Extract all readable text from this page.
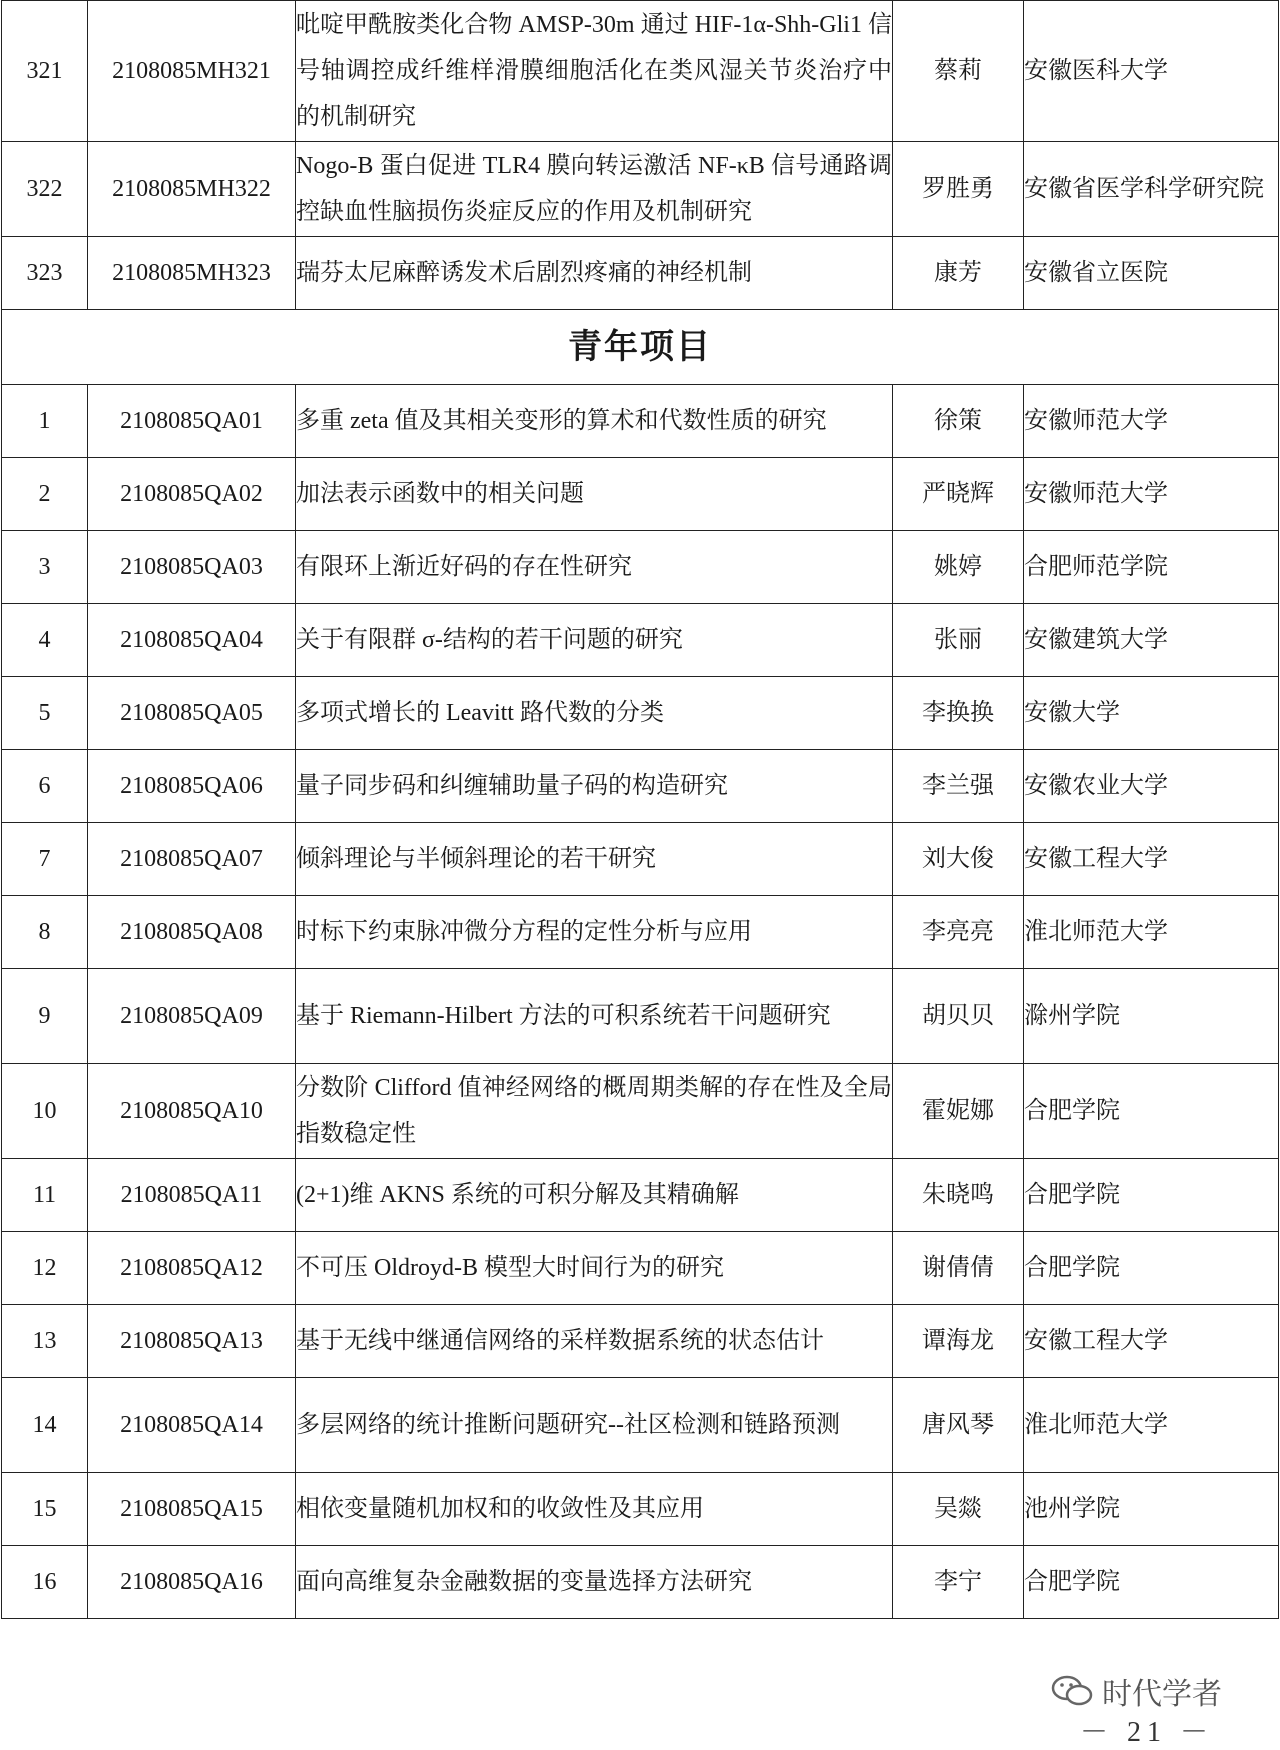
321	2108085MH321	吡啶甲酰胺类化合物 AMSP-30m 通过 HIF-1α-Shh-Gli1 信号轴调控成纤维样滑膜细胞活化在类风湿关节炎治疗中的机制研究	蔡莉	安徽医科大学
322	2108085MH322	Nogo-B 蛋白促进 TLR4 膜向转运激活 NF-κB 信号通路调控缺血性脑损伤炎症反应的作用及机制研究	罗胜勇	安徽省医学科学研究院
323	2108085MH323	瑞芬太尼麻醉诱发术后剧烈疼痛的神经机制	康芳	安徽省立医院
青年项目				
1	2108085QA01	多重 zeta 值及其相关变形的算术和代数性质的研究	徐策	安徽师范大学
2	2108085QA02	加法表示函数中的相关问题	严晓辉	安徽师范大学
3	2108085QA03	有限环上渐近好码的存在性研究	姚婷	合肥师范学院
4	2108085QA04	关于有限群 σ-结构的若干问题的研究	张丽	安徽建筑大学
5	2108085QA05	多项式增长的 Leavitt 路代数的分类	李换换	安徽大学
6	2108085QA06	量子同步码和纠缠辅助量子码的构造研究	李兰强	安徽农业大学
7	2108085QA07	倾斜理论与半倾斜理论的若干研究	刘大俊	安徽工程大学
8	2108085QA08	时标下约束脉冲微分方程的定性分析与应用	李亮亮	淮北师范大学
9	2108085QA09	基于 Riemann-Hilbert 方法的可积系统若干问题研究	胡贝贝	滁州学院
10	2108085QA10	分数阶 Clifford 值神经网络的概周期类解的存在性及全局指数稳定性	霍妮娜	合肥学院
11	2108085QA11	(2+1)维 AKNS 系统的可积分解及其精确解	朱晓鸣	合肥学院
12	2108085QA12	不可压 Oldroyd-B 模型大时间行为的研究	谢倩倩	合肥学院
13	2108085QA13	基于无线中继通信网络的采样数据系统的状态估计	谭海龙	安徽工程大学
14	2108085QA14	多层网络的统计推断问题研究--社区检测和链路预测	唐风琴	淮北师范大学
15	2108085QA15	相依变量随机加权和的收敛性及其应用	吴燚	池州学院
16	2108085QA16	面向高维复杂金融数据的变量选择方法研究	李宁	合肥学院
时代学者
－ 21 －
